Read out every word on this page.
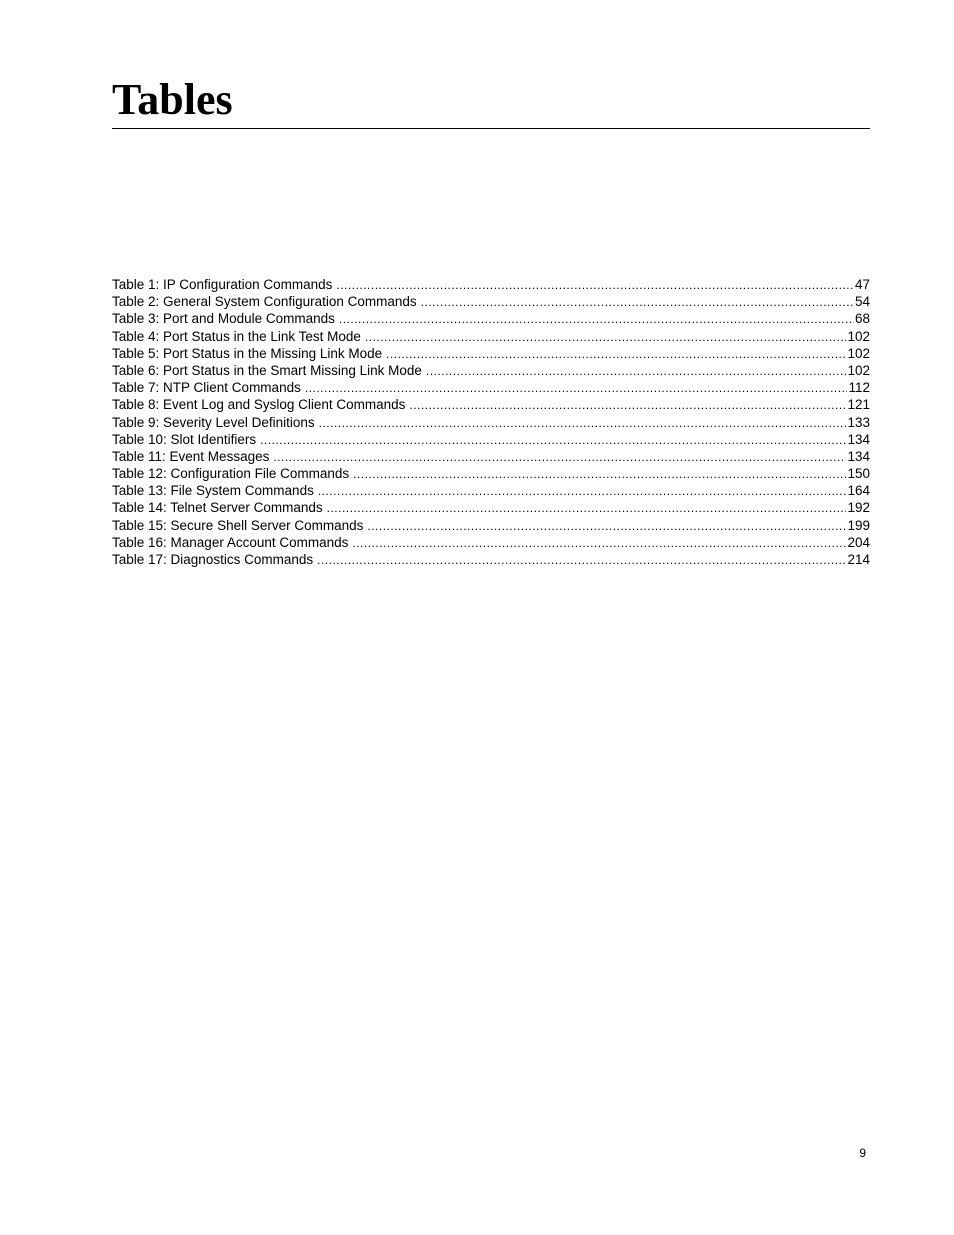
Tables
Table 1: IP Configuration Commands .....	47
Table 2: General System Configuration Commands .....	54
Table 3: Port and Module Commands .....	68
Table 4: Port Status in the Link Test Mode .....	102
Table 5: Port Status in the Missing Link Mode .....	102
Table 6: Port Status in the Smart Missing Link Mode .....	102
Table 7: NTP Client Commands .....	112
Table 8: Event Log and Syslog Client Commands .....	121
Table 9: Severity Level Definitions .....	133
Table 10: Slot Identifiers .....	134
Table 11: Event Messages .....	134
Table 12: Configuration File Commands .....	150
Table 13: File System Commands .....	164
Table 14: Telnet Server Commands .....	192
Table 15: Secure Shell Server Commands .....	199
Table 16: Manager Account Commands .....	204
Table 17: Diagnostics Commands .....	214
9
